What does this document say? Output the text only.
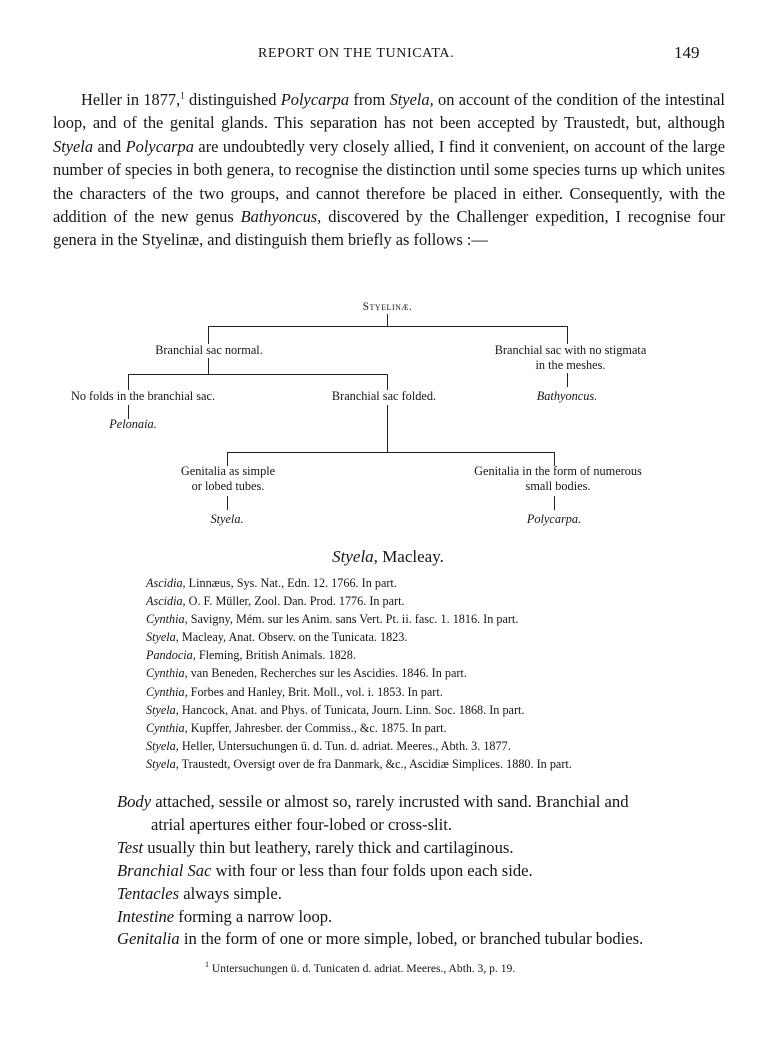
REPORT ON THE TUNICATA.	149
Heller in 1877,$^1$ distinguished Polycarpa from Styela, on account of the condition of the intestinal loop, and of the genital glands. This separation has not been accepted by Traustedt, but, although Styela and Polycarpa are undoubtedly very closely allied, I find it convenient, on account of the large number of species in both genera, to recognise the distinction until some species turns up which unites the characters of the two groups, and cannot therefore be placed in either. Consequently, with the addition of the new genus Bathyoncus, discovered by the Challenger expedition, I recognise four genera in the Styelinæ, and distinguish them briefly as follows :—
Styelinæ.
Branchial sac normal.	Branchial sac with no stigmata
in the meshes.
No folds in the branchial sac.	Branchial sac folded.	Bathyoncus.
Pelonaia.
Genitalia as simple
or lobed tubes.
Genitalia in the form of numerous
small bodies.
Styela.	Polycarpa.
Styela, Macleay.
Ascidia, Linnæus, Sys. Nat., Edn. 12. 1766. In part.
Ascidia, O. F. Müller, Zool. Dan. Prod. 1776. In part.
Cynthia, Savigny, Mém. sur les Anim. sans Vert. Pt. ii. fasc. 1. 1816. In part.
Styela, Macleay, Anat. Observ. on the Tunicata. 1823.
Pandocia, Fleming, British Animals. 1828.
Cynthia, van Beneden, Recherches sur les Ascidies. 1846. In part.
Cynthia, Forbes and Hanley, Brit. Moll., vol. i. 1853. In part.
Styela, Hancock, Anat. and Phys. of Tunicata, Journ. Linn. Soc. 1868. In part.
Cynthia, Kupffer, Jahresber. der Commiss., &c. 1875. In part.
Styela, Heller, Untersuchungen ü. d. Tun. d. adriat. Meeres., Abth. 3. 1877.
Styela, Traustedt, Oversigt over de fra Danmark, &c., Ascidiæ Simplices. 1880. In part.
Body attached, sessile or almost so, rarely incrusted with sand. Branchial and
atrial apertures either four-lobed or cross-slit.
Test usually thin but leathery, rarely thick and cartilaginous.
Branchial Sac with four or less than four folds upon each side.
Tentacles always simple.
Intestine forming a narrow loop.
Genitalia in the form of one or more simple, lobed, or branched tubular bodies.
$^1$ Untersuchungen ü. d. Tunicaten d. adriat. Meeres., Abth. 3, p. 19.
